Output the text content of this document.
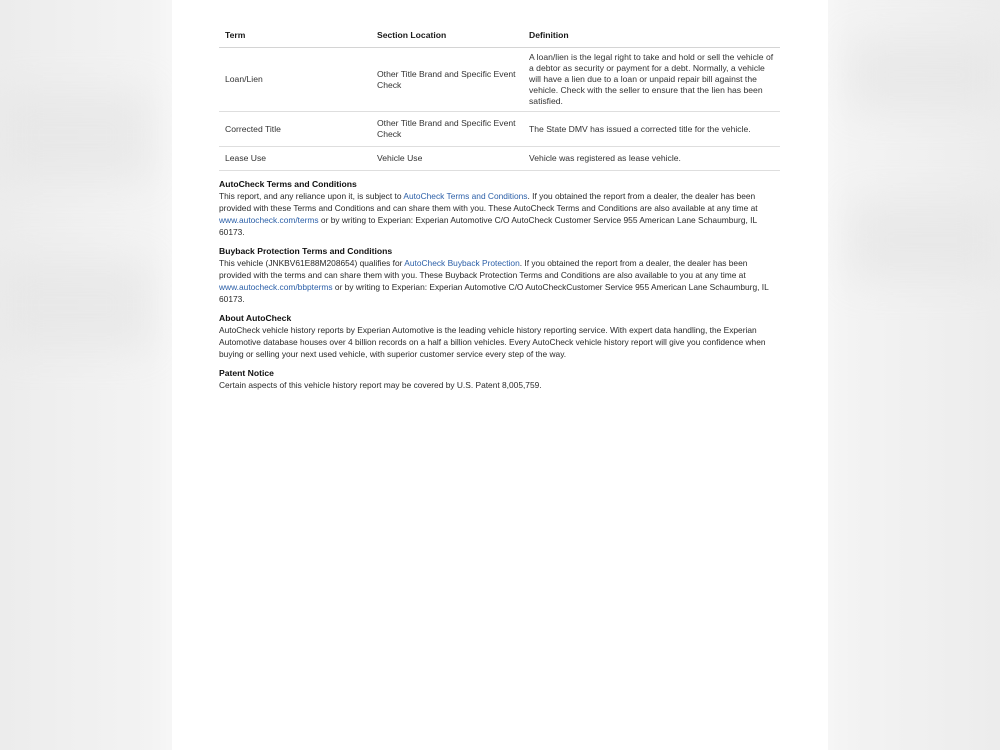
Term	Section Location	Definition
Loan/Lien	Other Title Brand and Specific Event Check	A loan/lien is the legal right to take and hold or sell the vehicle of a debtor as security or payment for a debt. Normally, a vehicle will have a lien due to a loan or unpaid repair bill against the vehicle. Check with the seller to ensure that the lien has been satisfied.
Corrected Title	Other Title Brand and Specific Event Check	The State DMV has issued a corrected title for the vehicle.
Lease Use	Vehicle Use	Vehicle was registered as lease vehicle.
AutoCheck Terms and Conditions

This report, and any reliance upon it, is subject to AutoCheck Terms and Conditions. If you obtained the report from a dealer, the dealer has been provided with these Terms and Conditions and can share them with you. These AutoCheck Terms and Conditions are also available at any time at www.autocheck.com/terms or by writing to Experian: Experian Automotive C/O AutoCheck Customer Service 955 American Lane Schaumburg, IL 60173.

Buyback Protection Terms and Conditions

This vehicle (JNKBV61E88M208654) qualifies for AutoCheck Buyback Protection. If you obtained the report from a dealer, the dealer has been provided with the terms and can share them with you. These Buyback Protection Terms and Conditions are also available to you at any time at www.autocheck.com/bbpterms or by writing to Experian: Experian Automotive C/O AutoCheckCustomer Service 955 American Lane Schaumburg, IL 60173.

About AutoCheck

AutoCheck vehicle history reports by Experian Automotive is the leading vehicle history reporting service. With expert data handling, the Experian Automotive database houses over 4 billion records on a half a billion vehicles. Every AutoCheck vehicle history report will give you confidence when buying or selling your next used vehicle, with superior customer service every step of the way.

Patent Notice

Certain aspects of this vehicle history report may be covered by U.S. Patent 8,005,759.
